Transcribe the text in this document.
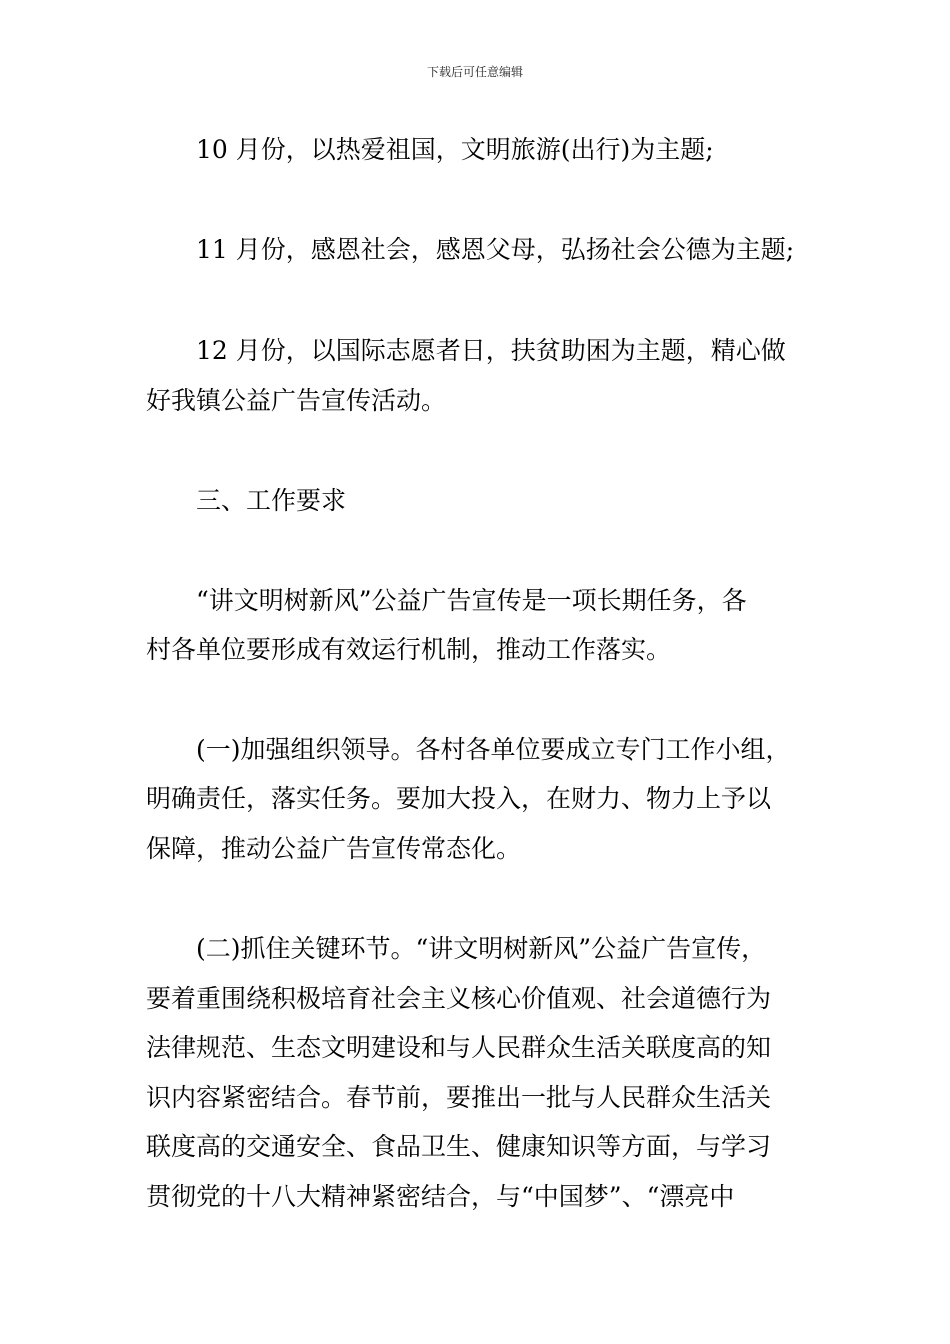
下载后可任意编辑
10 月份，以热爱祖国，文明旅游(出行)为主题;
11 月份，感恩社会，感恩父母，弘扬社会公德为主题;
12 月份，以国际志愿者日，扶贫助困为主题，精心做
好我镇公益广告宣传活动。
三、工作要求
“讲文明树新风”公益广告宣传是一项长期任务，各
村各单位要形成有效运行机制，推动工作落实。
(一)加强组织领导。各村各单位要成立专门工作小组，
明确责任，落实任务。要加大投入，在财力、物力上予以
保障，推动公益广告宣传常态化。
(二)抓住关键环节。“讲文明树新风”公益广告宣传，
要着重围绕积极培育社会主义核心价值观、社会道德行为
法律规范、生态文明建设和与人民群众生活关联度高的知
识内容紧密结合。春节前，要推出一批与人民群众生活关
联度高的交通安全、食品卫生、健康知识等方面，与学习
贯彻党的十八大精神紧密结合，与“中国梦”、“漂亮中
